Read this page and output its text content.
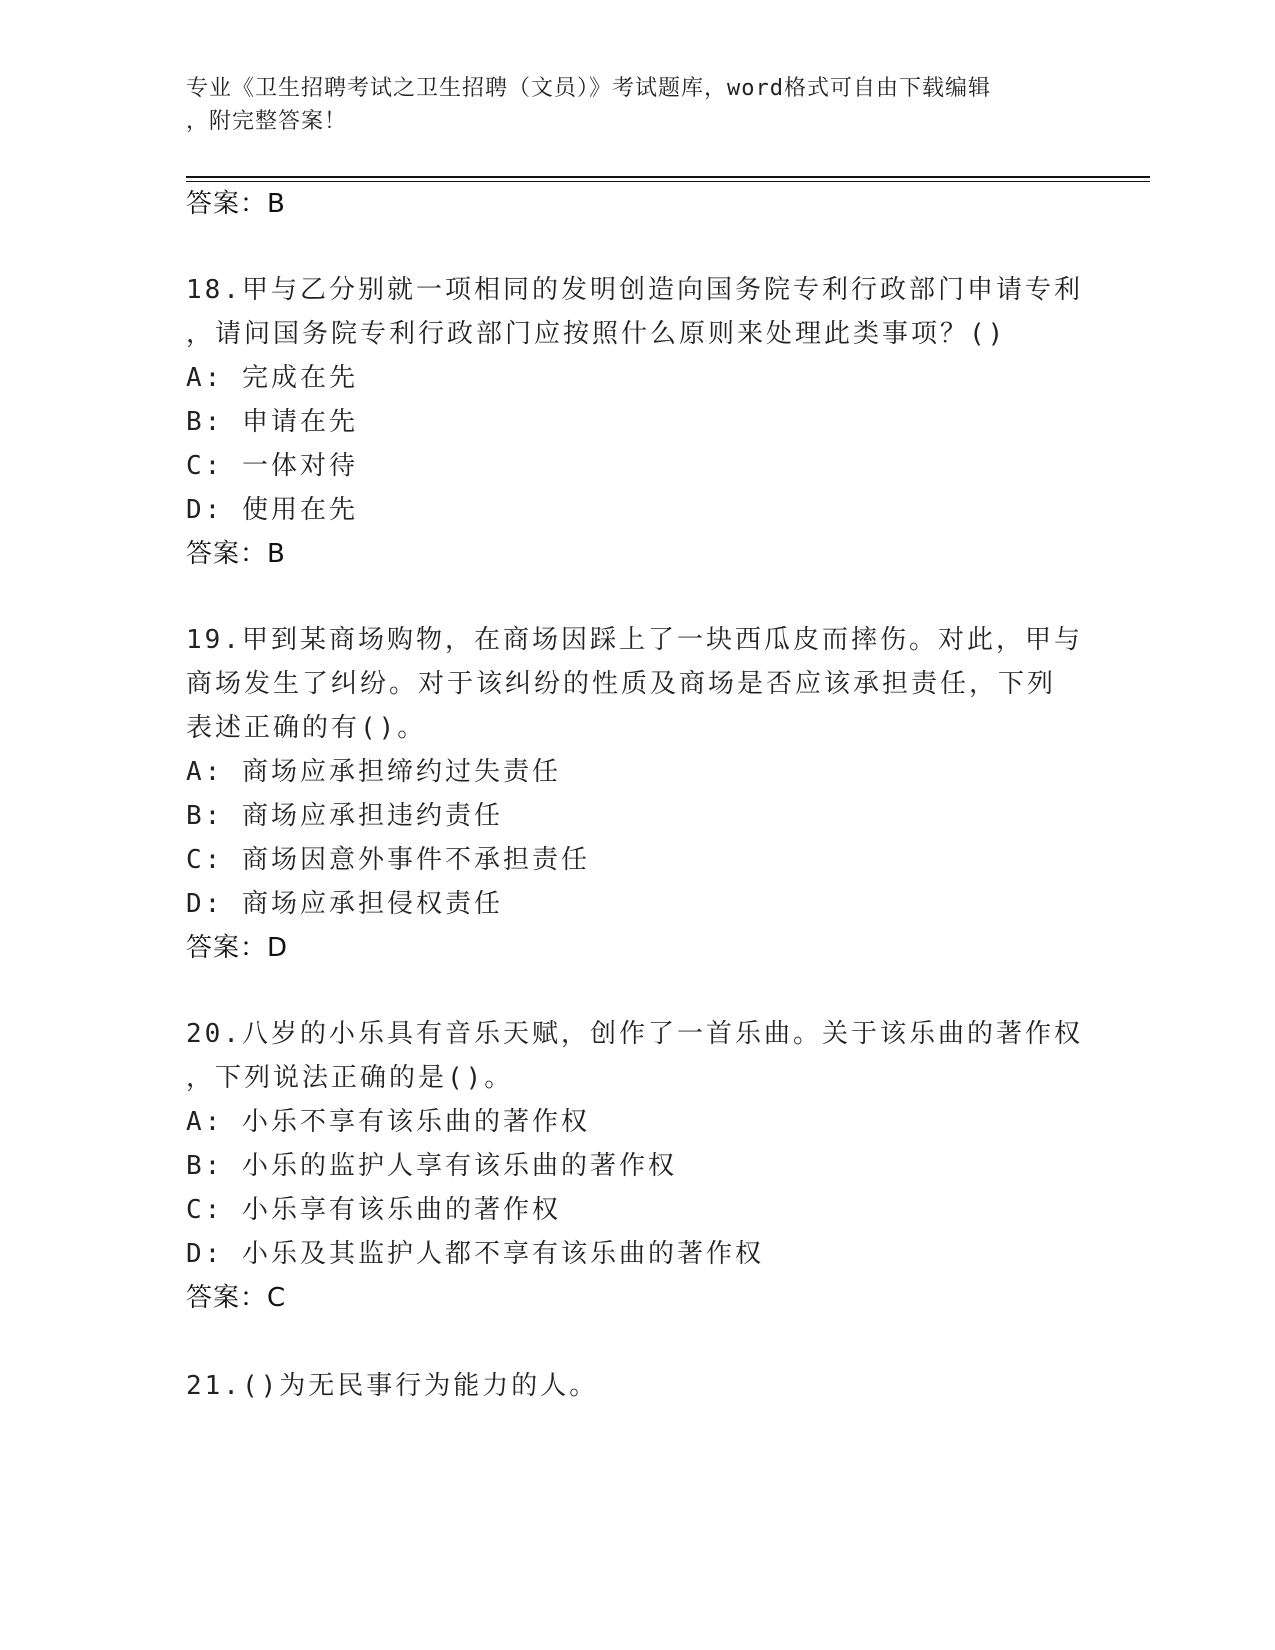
专业《卫生招聘考试之卫生招聘（文员）》考试题库，word格式可自由下载编辑
，附完整答案！
答案：B
18.甲与乙分别就一项相同的发明创造向国务院专利行政部门申请专利
，请问国务院专利行政部门应按照什么原则来处理此类事项？()
A: 完成在先
B: 申请在先
C: 一体对待
D: 使用在先
答案：B
19.甲到某商场购物，在商场因踩上了一块西瓜皮而摔伤。对此，甲与
商场发生了纠纷。对于该纠纷的性质及商场是否应该承担责任，下列
表述正确的有()。
A: 商场应承担缔约过失责任
B: 商场应承担违约责任
C: 商场因意外事件不承担责任
D: 商场应承担侵权责任
答案：D
20.八岁的小乐具有音乐天赋，创作了一首乐曲。关于该乐曲的著作权
，下列说法正确的是()。
A: 小乐不享有该乐曲的著作权
B: 小乐的监护人享有该乐曲的著作权
C: 小乐享有该乐曲的著作权
D: 小乐及其监护人都不享有该乐曲的著作权
答案：C
21.()为无民事行为能力的人。
